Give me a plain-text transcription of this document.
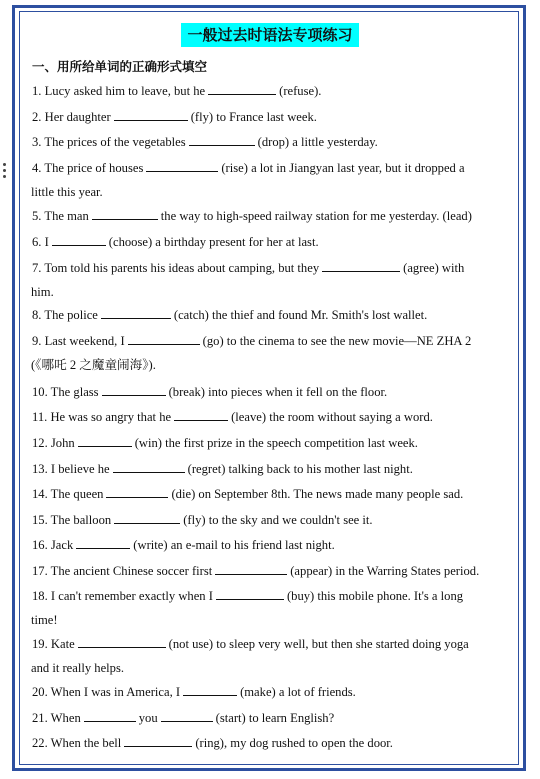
一般过去时语法专项练习
一、用所给单词的正确形式填空
1. Lucy asked him to leave, but he	(refuse).
2. Her daughter	(fly) to France last week.
3. The prices of the vegetables	(drop) a little yesterday.
4. The price of houses	(rise) a lot in Jiangyan last year, but it dropped a
little this year.
5. The man	the way to high-speed railway station for me yesterday. (lead)
6. I	(choose) a birthday present for her at last.
7. Tom told his parents his ideas about camping, but they	(agree) with
him.
8. The police	(catch) the thief and found Mr. Smith's lost wallet.
9. Last weekend, I	(go) to the cinema to see the new movie—NE ZHA 2
(《哪吒 2 之魔童闹海》).
10. The glass	(break) into pieces when it fell on the floor.
11. He was so angry that he	(leave) the room without saying a word.
12. John	(win) the first prize in the speech competition last week.
13. I believe he	(regret) talking back to his mother last night.
14. The queen	(die) on September 8th. The news made many people sad.
15. The balloon	(fly) to the sky and we couldn't see it.
16. Jack	(write) an e-mail to his friend last night.
17. The ancient Chinese soccer first	(appear) in the Warring States period.
18. I can't remember exactly when I	(buy) this mobile phone. It's a long
time!
19. Kate	(not use) to sleep very well, but then she started doing yoga
and it really helps.
20. When I was in America, I	(make) a lot of friends.
21. When	you	(start) to learn English?
22. When the bell	(ring), my dog rushed to open the door.
